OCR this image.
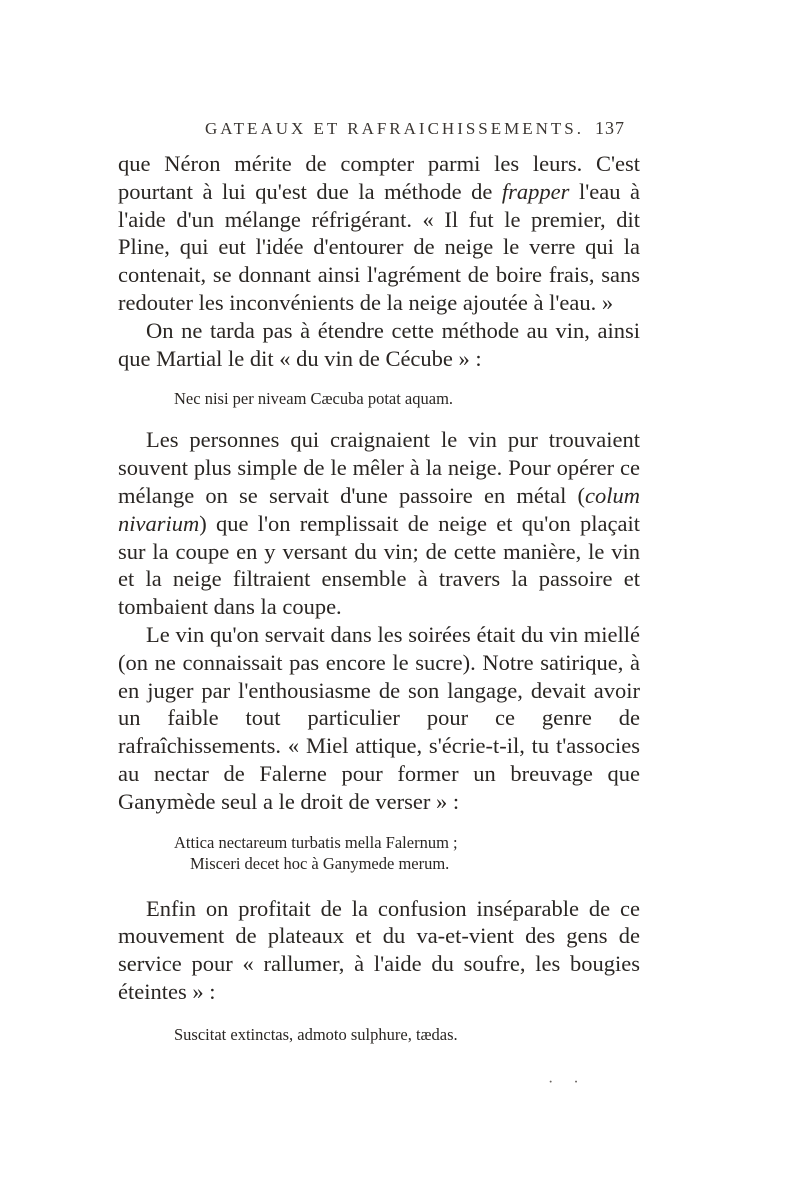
GATEAUX ET RAFRAICHISSEMENTS. 137

que Néron mérite de compter parmi les leurs. C'est pourtant à lui qu'est due la méthode de frapper l'eau à l'aide d'un mélange réfrigérant. « Il fut le premier, dit Pline, qui eut l'idée d'entourer de neige le verre qui la contenait, se donnant ainsi l'agrément de boire frais, sans redouter les inconvénients de la neige ajoutée à l'eau. »

On ne tarda pas à étendre cette méthode au vin, ainsi que Martial le dit « du vin de Cécube » :

Nec nisi per niveam Cæcuba potat aquam.

Les personnes qui craignaient le vin pur trouvaient souvent plus simple de le mêler à la neige. Pour opérer ce mélange on se servait d'une passoire en métal (colum nivarium) que l'on remplissait de neige et qu'on plaçait sur la coupe en y versant du vin; de cette manière, le vin et la neige filtraient ensemble à travers la passoire et tombaient dans la coupe.

Le vin qu'on servait dans les soirées était du vin miellé (on ne connaissait pas encore le sucre). Notre satirique, à en juger par l'enthousiasme de son langage, devait avoir un faible tout particulier pour ce genre de rafraîchissements. « Miel attique, s'écrie-t-il, tu t'associes au nectar de Falerne pour former un breuvage que Ganymède seul a le droit de verser » :

Attica nectareum turbatis mella Falernum ;
Misceri decet hoc à Ganymede merum.

Enfin on profitait de la confusion inséparable de ce mouvement de plateaux et du va-et-vient des gens de service pour « rallumer, à l'aide du soufre, les bougies éteintes » :

Suscitat extinctas, admoto sulphure, tædas.
· ·
